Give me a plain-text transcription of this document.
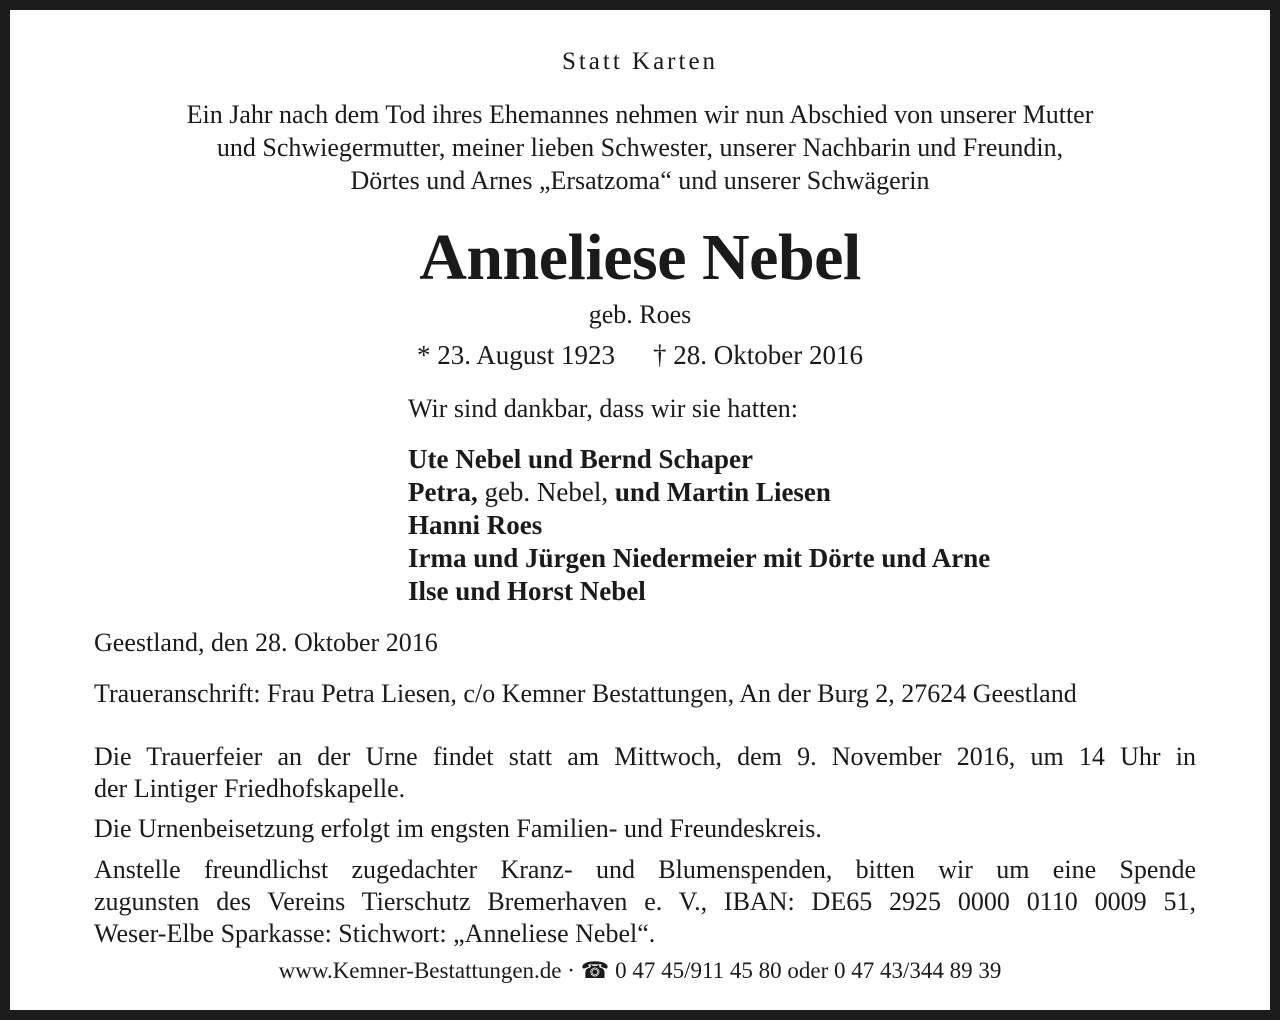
Statt Karten

Ein Jahr nach dem Tod ihres Ehemannes nehmen wir nun Abschied von unserer Mutter

und Schwiegermutter, meiner lieben Schwester, unserer Nachbarin und Freundin,

Dörtes und Arnes „Ersatzoma“ und unserer Schwägerin

Anneliese Nebel

geb. Roes

* 23. August 1923 † 28. Oktober 2016

Wir sind dankbar, dass wir sie hatten:

Ute Nebel und Bernd Schaper

Petra, geb. Nebel, und Martin Liesen

Hanni Roes

Irma und Jürgen Niedermeier mit Dörte und Arne

Ilse und Horst Nebel

Geestland, den 28. Oktober 2016

Traueranschrift: Frau Petra Liesen, c/o Kemner Bestattungen, An der Burg 2, 27624 Geestland

Die Trauerfeier an der Urne findet statt am Mittwoch, dem 9. November 2016, um 14 Uhr in

der Lintiger Friedhofskapelle.

Die Urnenbeisetzung erfolgt im engsten Familien- und Freundeskreis.

Anstelle freundlichst zugedachter Kranz- und Blumenspenden, bitten wir um eine Spende

zugunsten des Vereins Tierschutz Bremerhaven e. V., IBAN: DE65 2925 0000 0110 0009 51,

Weser-Elbe Sparkasse: Stichwort: „Anneliese Nebel“.

www.Kemner-Bestattungen.de · ☎ 0 47 45/911 45 80 oder 0 47 43/344 89 39
